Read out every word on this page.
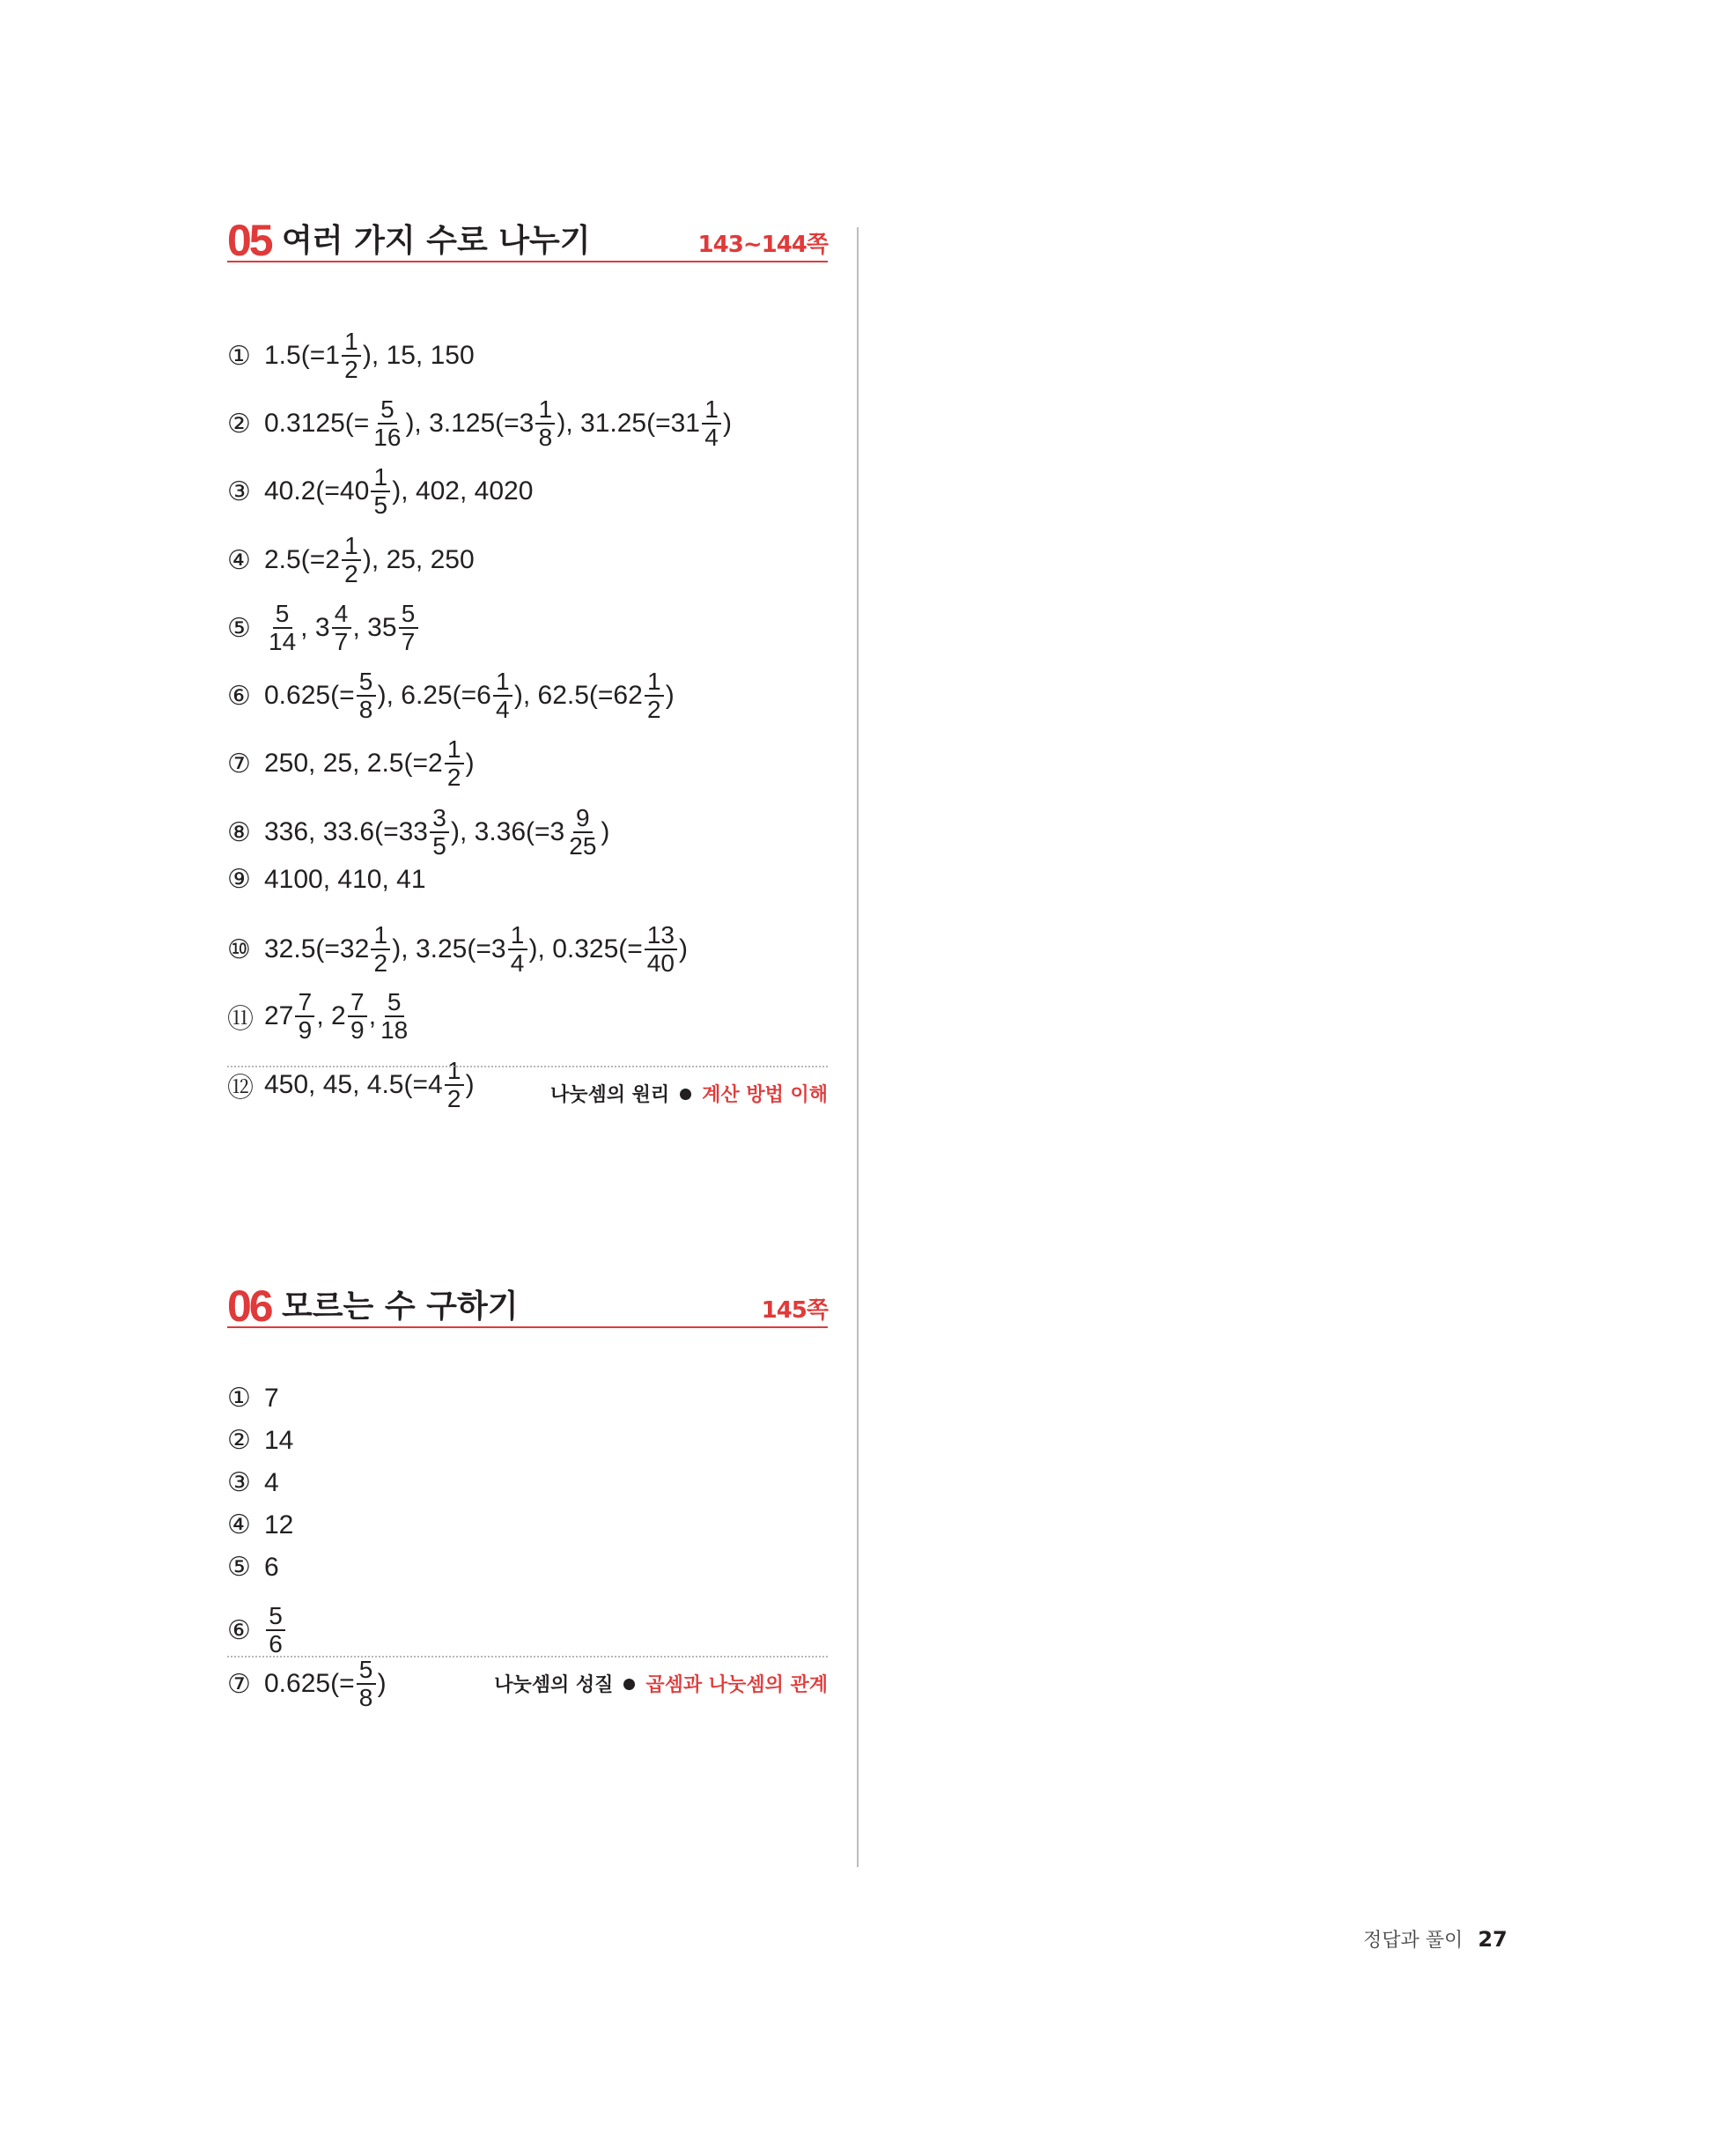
05 여러 가지 수로 나누기	143~144쪽
① $1.5(=1 \frac{1}{2}$ ), 15, 150
② $0.3125(= \frac{5}{16}$ ), $3.125(=3 \frac{1}{8}$ ), $31.25(=31 \frac{1}{4}$ )
③ $40.2(=40 \frac{1}{5}$ ), 402, 4020
④ $2.5(=2 \frac{1}{2}$ ), 25, 250
⑤ $\frac{5}{14}$ , $3 \frac{4}{7}$ , $35 \frac{5}{7}$
⑥ $0.625(= \frac{5}{8}$ ), $6.25(=6 \frac{1}{4}$ ), $62.5(=62 \frac{1}{2}$ )
⑦ 250, 25, $2.5(=2 \frac{1}{2}$ )
⑧ 336, $33.6(=33 \frac{3}{5}$ ), $3.36(=3 \frac{9}{25}$ )
⑨ 4100, 410, 41
⑩ $32.5(=32 \frac{1}{2}$ ), $3.25(=3 \frac{1}{4}$ ), $0.325(= \frac{13}{40}$ )
⑪ $27 \frac{7}{9}$ , $2 \frac{7}{9}$ , $\frac{5}{18}$
⑫ 450, 45, $4.5(=4 \frac{1}{2}$ )	나눗셈의 원리 계산 방법 이해
06 모르는 수 구하기	145쪽
① 7
② 14
③ 4
④ 12
⑤ 6
⑥ $\frac{5}{6}$
⑦ $0.625(= \frac{5}{8}$ )	나눗셈의 성질 곱셈과 나눗셈의 관계
정답과 풀이 27
